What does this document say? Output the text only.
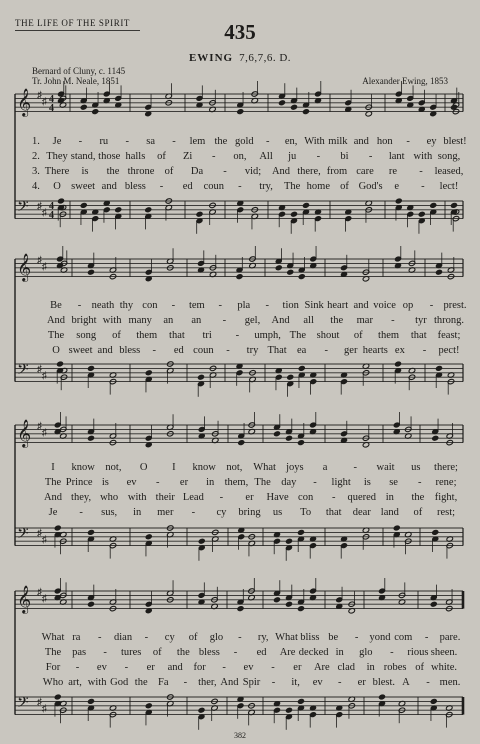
THE LIFE OF THE SPIRIT	435
EWING 7,6,7,6. D.
Bernard of Cluny, c. 1145
Tr. John M. Neale, 1851	Alexander Ewing, 1853
𝄞
𝄢
♯
♯
♯
♯
4
4
4
4
𝄞
𝄢
♯
♯
♯
♯
𝄞
𝄢
♯
♯
♯
♯
𝄞
𝄢
♯
♯
♯
♯
1. Je - ru - sa - lem the gold - en, With milk and hon - ey blest!
2. They stand, those halls of Zi - on, All ju - bi - lant with song,
3. There is the throne of Da - vid; And there, from care re - leased,
4. O sweet and bless - ed coun - try, The home of God's e - lect!
Be - neath thy con - tem - pla - tion Sink heart and voice op - prest.
And bright with many an an - gel, And all the mar - tyr throng.
The song of them that tri - umph, The shout of them that feast;
O sweet and bless - ed coun - try That ea - ger hearts ex - pect!
I know not, O I know not, What joys a - wait us there;
The Prince is ev - er in them, The day - light is se - rene;
And they, who with their Lead - er Have con - quered in the fight,
Je - sus, in mer - cy bring us To that dear land of rest;
What ra - dian - cy of glo - ry, What bliss be - yond com - pare.
The pas - tures of the bless - ed Are decked in glo - rious sheen.
For - ev - er and for - ev - er Are clad in robes of white.
Who art, with God the Fa - ther, And Spir - it, ev - er blest. A - men.
382
